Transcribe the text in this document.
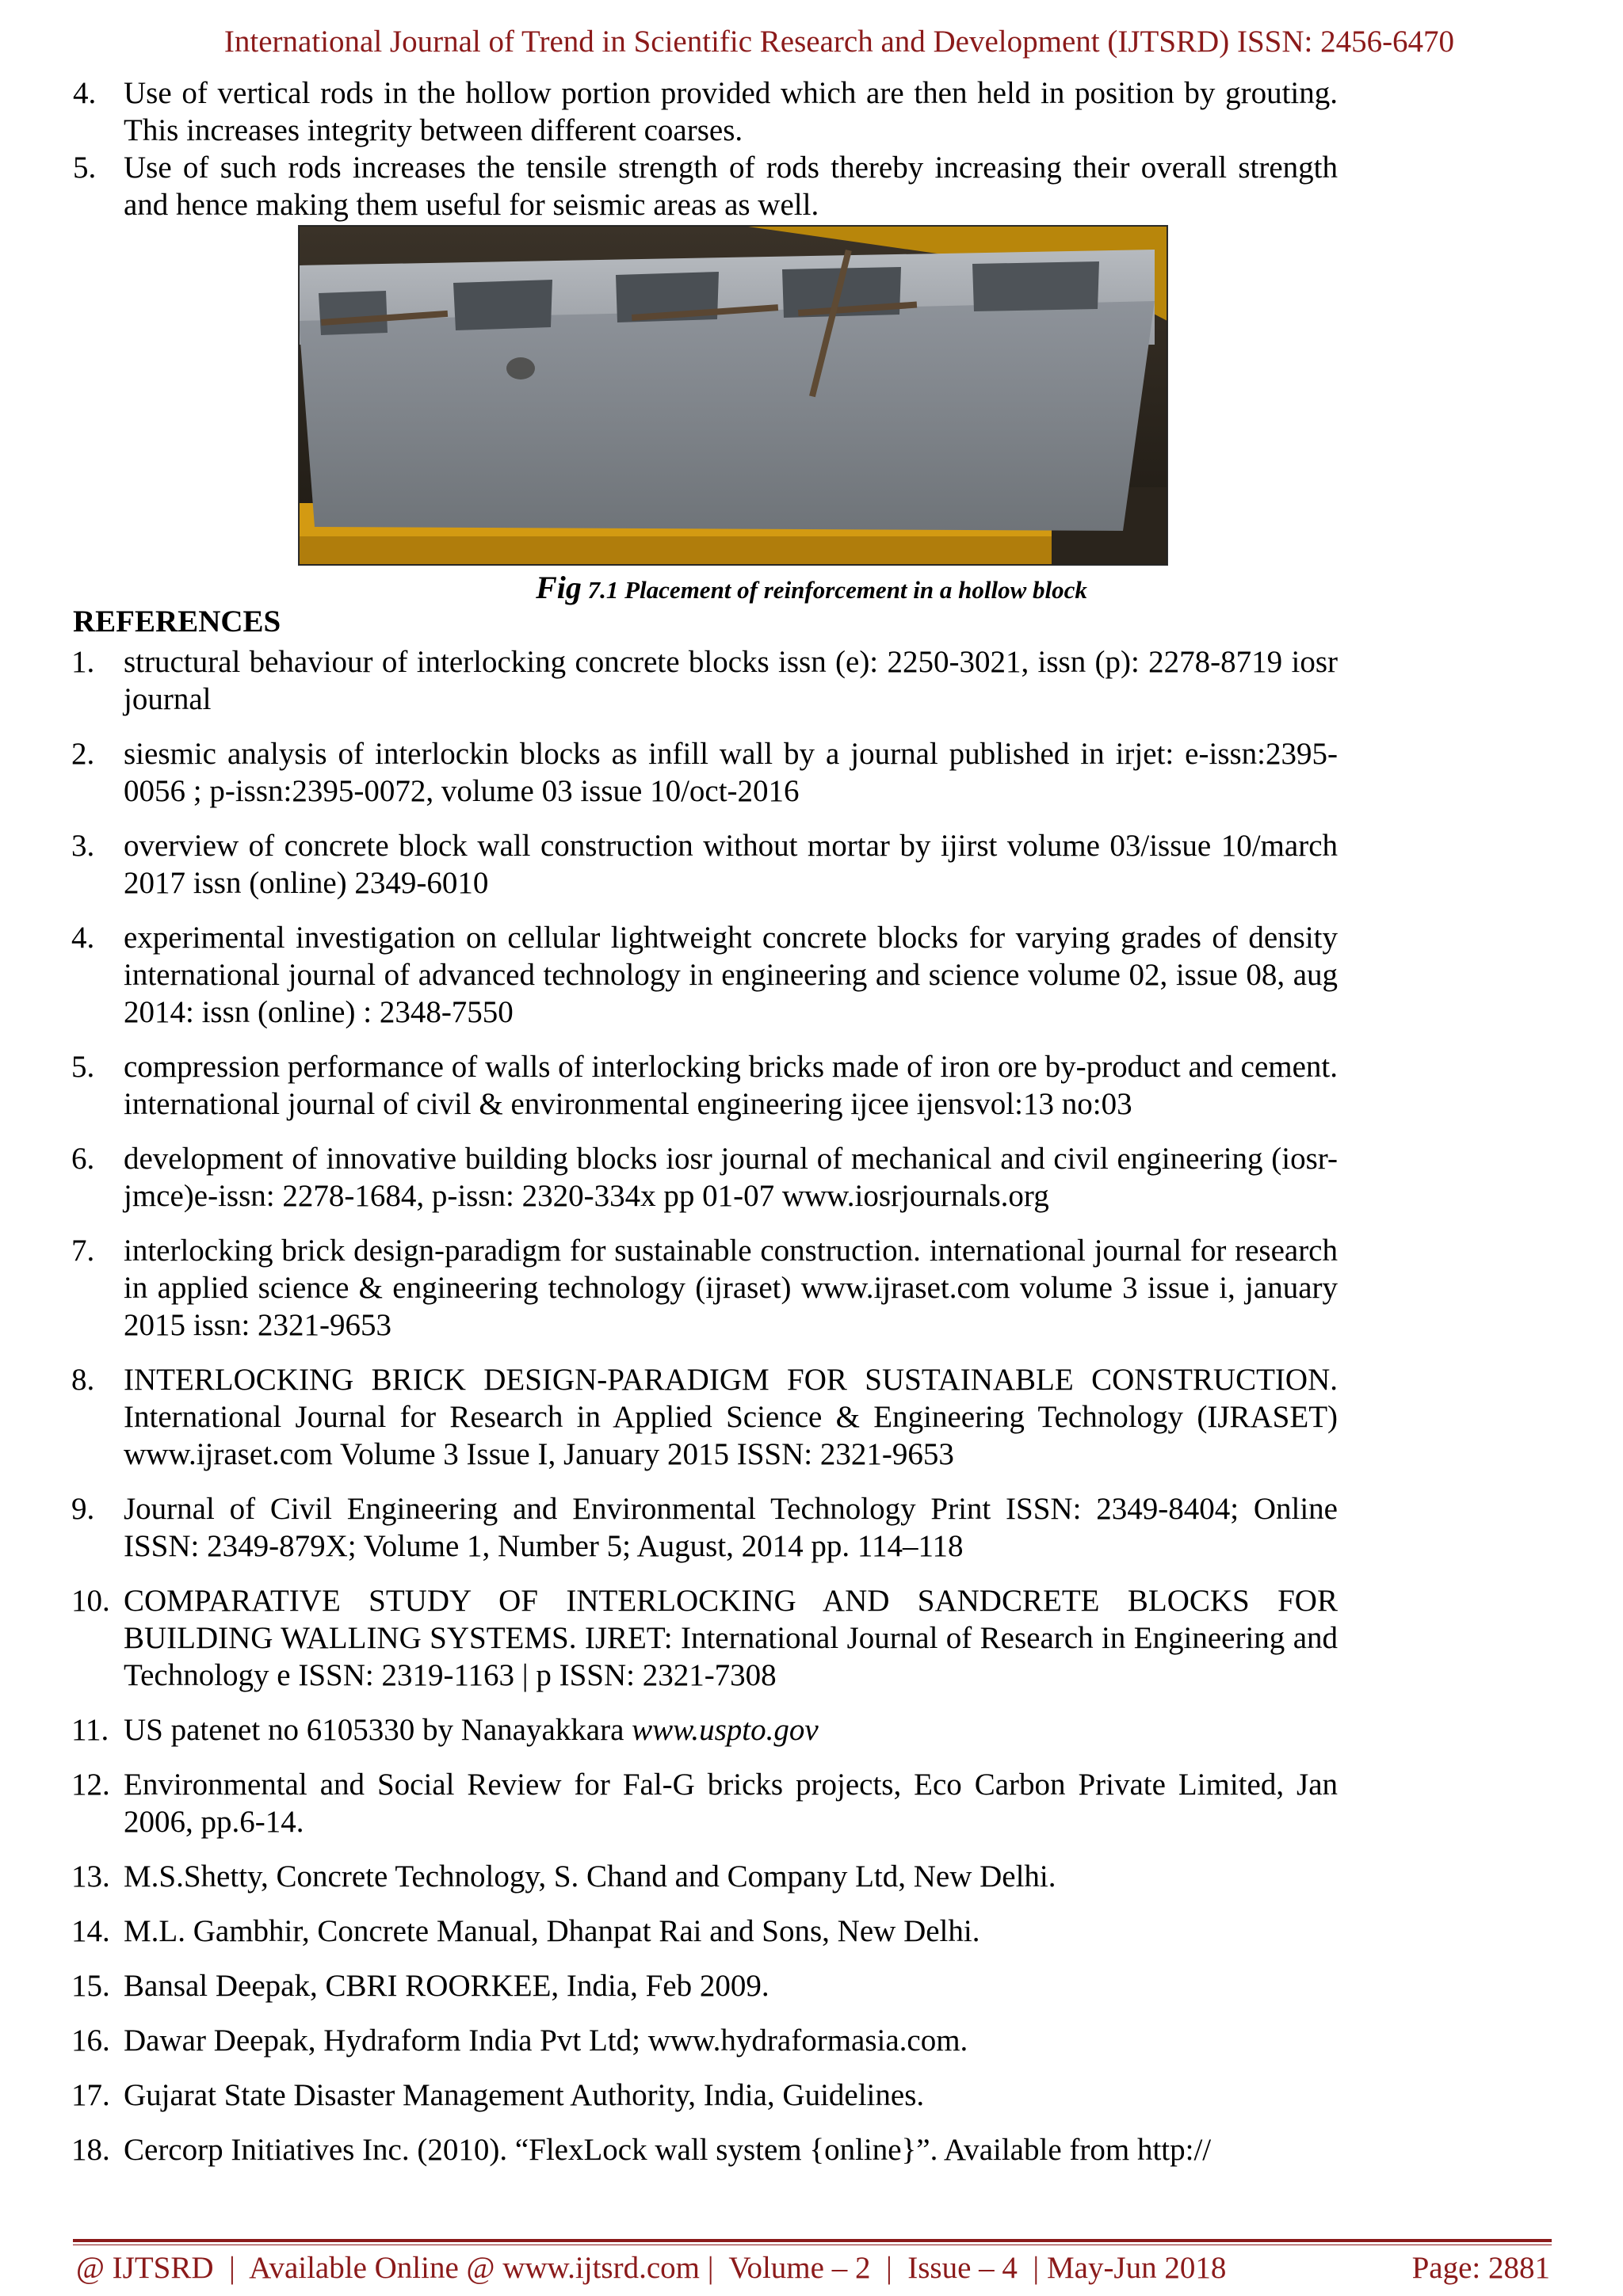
International Journal of Trend in Scientific Research and Development (IJTSRD) ISSN: 2456-6470
4. Use of vertical rods in the hollow portion provided which are then held in position by grouting. This increases integrity between different coarses.
5. Use of such rods increases the tensile strength of rods thereby increasing their overall strength and hence making them useful for seismic areas as well.
Fig 7.1 Placement of reinforcement in a hollow block
REFERENCES
1. structural behaviour of interlocking concrete blocks issn (e): 2250-3021, issn (p): 2278-8719 iosr journal
2. siesmic analysis of interlockin blocks as infill wall by a journal published in irjet: e-issn:2395-0056 ; p-issn:2395-0072, volume 03 issue 10/oct-2016
3. overview of concrete block wall construction without mortar by ijirst volume 03/issue 10/march 2017 issn (online) 2349-6010
4. experimental investigation on cellular lightweight concrete blocks for varying grades of density international journal of advanced technology in engineering and science volume 02, issue 08, aug 2014: issn (online) : 2348-7550
5. compression performance of walls of interlocking bricks made of iron ore by-product and cement. international journal of civil & environmental engineering ijcee ijensvol:13 no:03
6. development of innovative building blocks iosr journal of mechanical and civil engineering (iosr-jmce)e-issn: 2278-1684, p-issn: 2320-334x pp 01-07 www.iosrjournals.org
7. interlocking brick design-paradigm for sustainable construction. international journal for research in applied science & engineering technology (ijraset) www.ijraset.com volume 3 issue i, january 2015 issn: 2321-9653
8. INTERLOCKING BRICK DESIGN-PARADIGM FOR SUSTAINABLE CONSTRUCTION. International Journal for Research in Applied Science & Engineering Technology (IJRASET) www.ijraset.com Volume 3 Issue I, January 2015 ISSN: 2321-9653
9. Journal of Civil Engineering and Environmental Technology Print ISSN: 2349-8404; Online ISSN: 2349-879X; Volume 1, Number 5; August, 2014 pp. 114–118
10. COMPARATIVE STUDY OF INTERLOCKING AND SANDCRETE BLOCKS FOR BUILDING WALLING SYSTEMS. IJRET: International Journal of Research in Engineering and Technology e ISSN: 2319-1163 | p ISSN: 2321-7308
11. US patenet no 6105330 by Nanayakkara www.uspto.gov
12. Environmental and Social Review for Fal-G bricks projects, Eco Carbon Private Limited, Jan 2006, pp.6-14.
13. M.S.Shetty, Concrete Technology, S. Chand and Company Ltd, New Delhi.
14. M.L. Gambhir, Concrete Manual, Dhanpat Rai and Sons, New Delhi.
15. Bansal Deepak, CBRI ROORKEE, India, Feb 2009.
16. Dawar Deepak, Hydraform India Pvt Ltd; www.hydraformasia.com.
17. Gujarat State Disaster Management Authority, India, Guidelines.
18. Cercorp Initiatives Inc. (2010). “FlexLock wall system {online}”. Available from http://
@ IJTSRD  |  Available Online @ www.ijtsrd.com |  Volume – 2  |  Issue – 4  | May-Jun 2018	Page: 2881
